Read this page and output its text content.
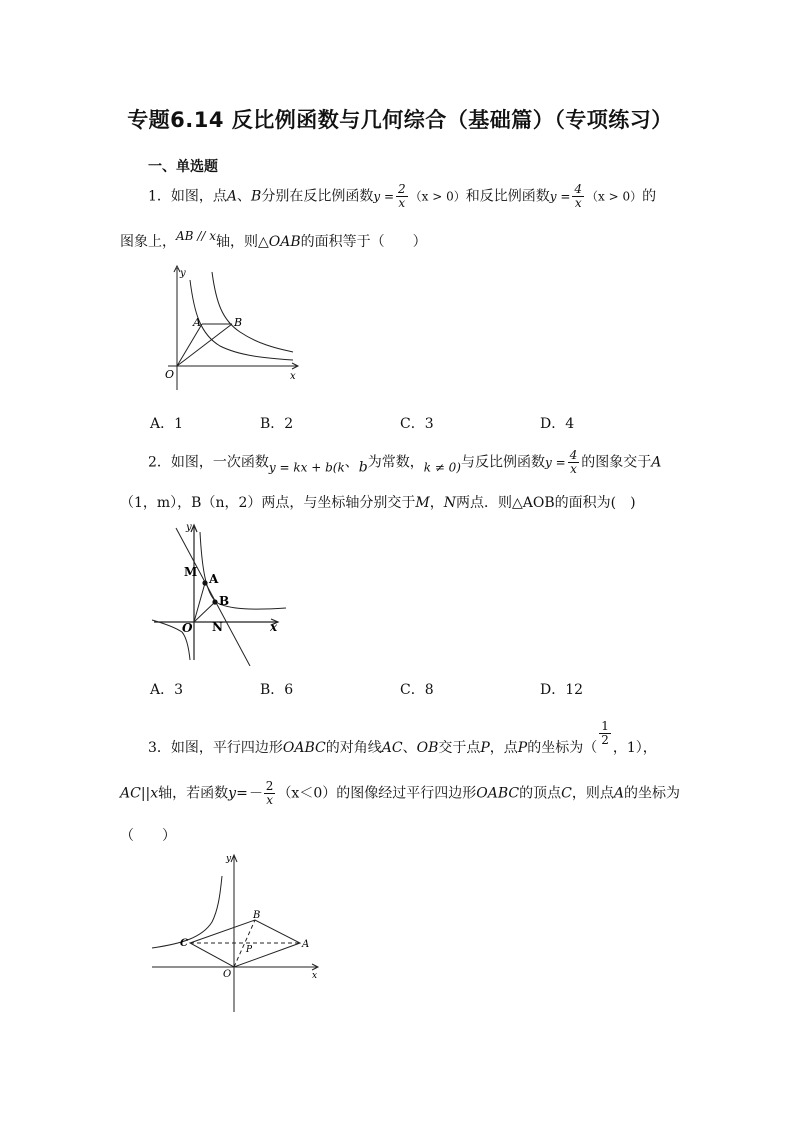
专题6.14 反比例函数与几何综合（基础篇）（专项练习）
一、单选题
1．如图，点A、B分别在反比例函数$y = \frac{2}{x} (x > 0)$和反比例函数$y = \frac{4}{x} (x > 0)$的
图象上，AB // x轴，则△OAB的面积等于（　　）
y
x
O
A	B
A．1	B．2	C．3	D．4
2．如图，一次函数y = kx + b(k、b为常数，k ≠ 0)与反比例函数$y = \frac{4}{x}$ 的图象交于A
（1，m），B（n，2）两点，与坐标轴分别交于M，N两点．则△AOB的面积为(　)
y
x
O
M A
B
N
A．3	B．6	C．8	D．12
3．如图，平行四边形OABC的对角线AC、OB交于点P，点P的坐标为（
$\frac{1}{2}$
，1），
AC||x轴，若函数$y=- \frac{2}{x} (x<0)$的图像经过平行四边形OABC的顶点C，则点A的坐标为
（　　）
y
x
O
C
B
A
P
